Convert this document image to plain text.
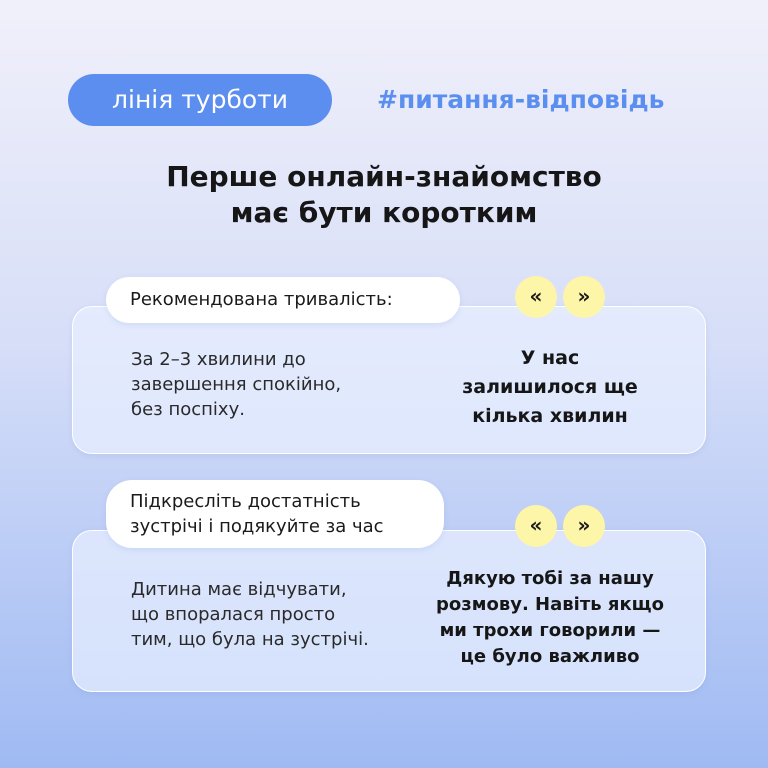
лінія турботи	#питання-відповідь
Перше онлайн-знайомство
має бути коротким
Рекомендована тривалість:	«	»
За 2–3 хвилини до
завершення спокійно,
без поспіху.
У нас
залишилося ще
кілька хвилин
Підкресліть достатність
зустрічі і подякуйте за час	«	»
Дитина має відчувати,
що впоралася просто
тим, що була на зустрічі.
Дякую тобі за нашу
розмову. Навіть якщо
ми трохи говорили —
це було важливо
